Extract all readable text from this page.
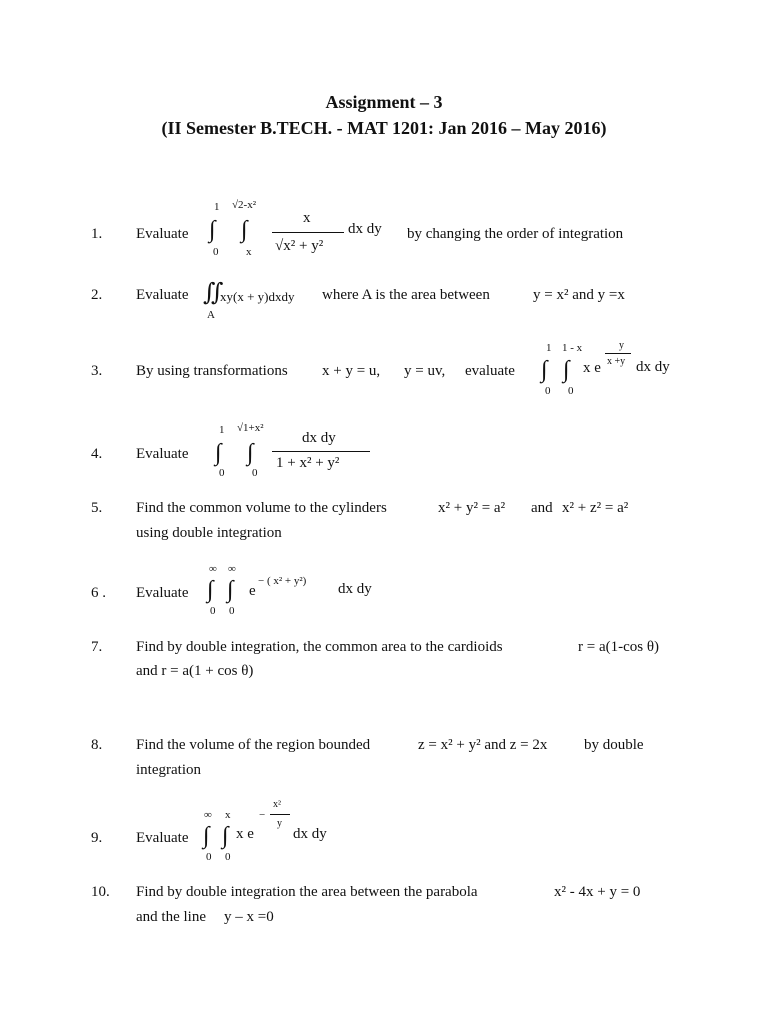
Assignment – 3
(II Semester B.TECH. - MAT 1201: Jan 2016 – May 2016)
1. Evaluate
1
∫
0
√2-x²
∫
x
x
√x² + y²
dx dy by changing the order of integration
2. Evaluate ∬
A
xy(x + y)dxdy where A is the area between	y = x² and y =x
3. By using transformations x + y = u, y = uv, evaluate
1
∫
0
1 - x
∫
0
x e
y
x +y dx dy
4. Evaluate
1
∫
0
√1+x²
∫
0
dx dy
1 + x² + y²
5. Find the common volume to the cylinders	x² + y² = a² and x² + z² = a²
using double integration
6 . Evaluate
∞
∫
0
∞
∫
0
e
− ( x² + y²) dx dy
7. Find by double integration, the common area to the cardioids	r = a(1-cos θ)
and r = a(1 + cos θ)
8. Find the volume of the region bounded	z = x² + y² and z = 2x by double
integration
9. Evaluate
∞
∫
0
x
∫
0
x e
−
x²
y
dx dy
10. Find by double integration the area between the parabola	x² - 4x + y = 0
and the line y – x =0
